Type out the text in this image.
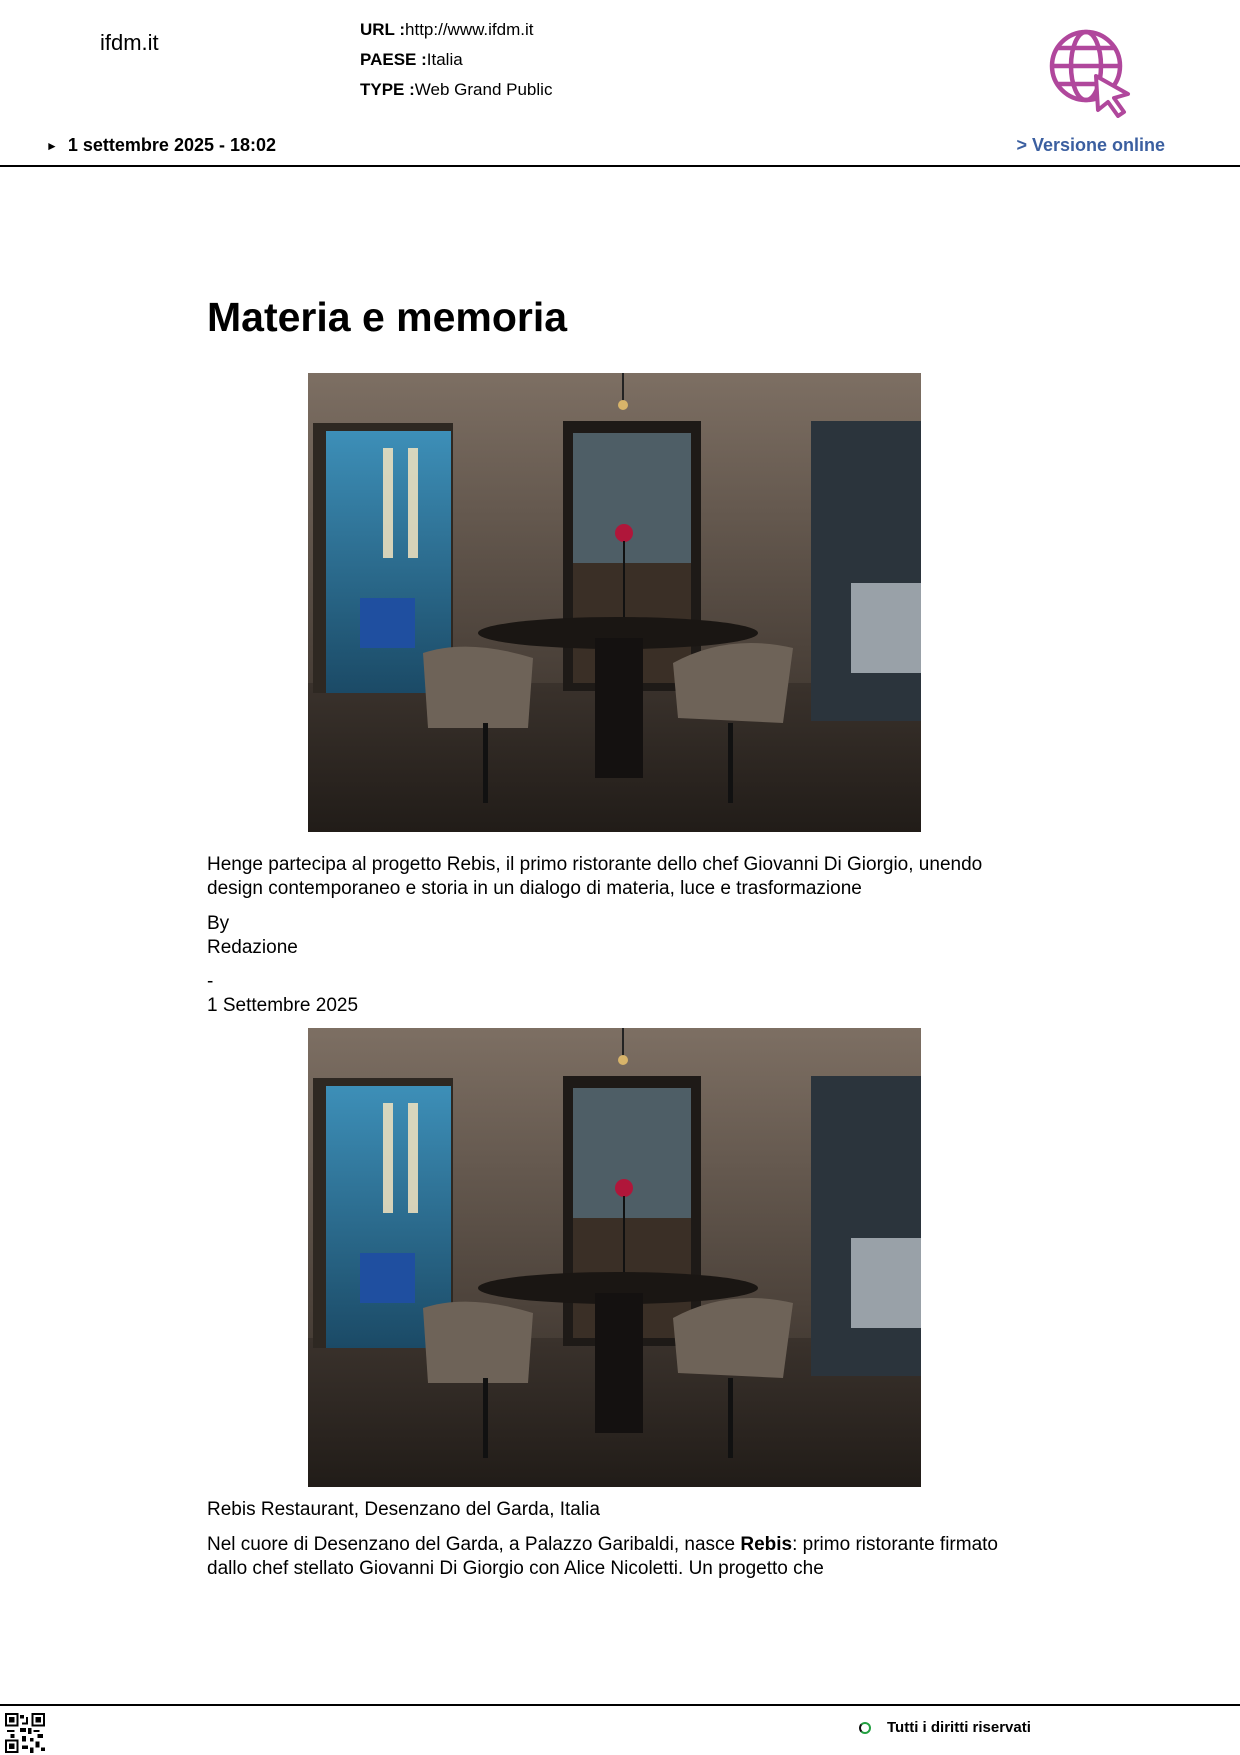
ifdm.it
URL :http://www.ifdm.it
PAESE :Italia
TYPE :Web Grand Public
► 1 settembre 2025 - 18:02	> Versione online
Materia e memoria
Henge partecipa al progetto Rebis, il primo ristorante dello chef Giovanni Di Giorgio, unendo design contemporaneo e storia in un dialogo di materia, luce e trasformazione
By
Redazione
-
1 Settembre 2025
Rebis Restaurant, Desenzano del Garda, Italia
Nel cuore di Desenzano del Garda, a Palazzo Garibaldi, nasce Rebis: primo ristorante firmato dallo chef stellato Giovanni Di Giorgio con Alice Nicoletti. Un progetto che
Tutti i diritti riservati
